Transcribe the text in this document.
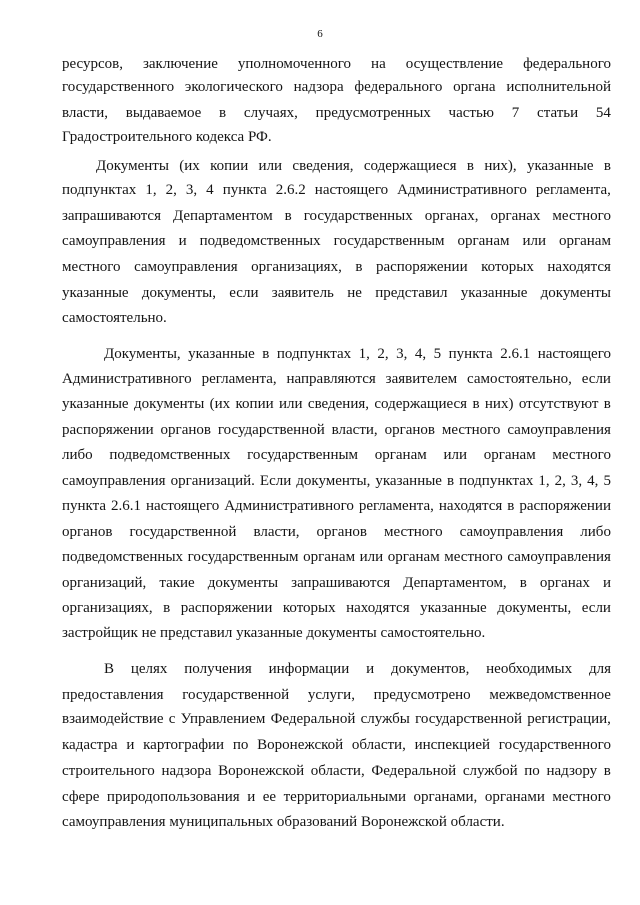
6
ресурсов, заключение уполномоченного на осуществление федерального
государственного экологического надзора федерального органа исполнительной
власти, выдаваемое в случаях, предусмотренных частью 7 статьи 54
Градостроительного кодекса РФ.
Документы (их копии или сведения, содержащиеся в них), указанные в
подпунктах 1, 2, 3, 4 пункта 2.6.2 настоящего Административного регламента,
запрашиваются Департаментом в государственных органах, органах местного
самоуправления и подведомственных государственным органам или органам
местного самоуправления организациях, в распоряжении которых находятся
указанные документы, если заявитель не представил указанные документы
самостоятельно.
Документы, указанные в подпунктах 1, 2, 3, 4, 5 пункта 2.6.1 настоящего
Административного регламента, направляются заявителем самостоятельно, если
указанные документы (их копии или сведения, содержащиеся в них) отсутствуют в
распоряжении органов государственной власти, органов местного самоуправления
либо подведомственных государственным органам или органам местного
самоуправления организаций. Если документы, указанные в подпунктах 1, 2, 3, 4, 5
пункта 2.6.1 настоящего Административного регламента, находятся в распоряжении
органов государственной власти, органов местного самоуправления либо
подведомственных государственным органам или органам местного самоуправления
организаций, такие документы запрашиваются Департаментом, в органах и
организациях, в распоряжении которых находятся указанные документы, если
застройщик не представил указанные документы самостоятельно.
В целях получения информации и документов, необходимых для
предоставления государственной услуги, предусмотрено межведомственное
взаимодействие с Управлением Федеральной службы государственной регистрации,
кадастра и картографии по Воронежской области, инспекцией государственного
строительного надзора Воронежской области, Федеральной службой по надзору в
сфере природопользования и ее территориальными органами, органами местного
самоуправления муниципальных образований Воронежской области.
